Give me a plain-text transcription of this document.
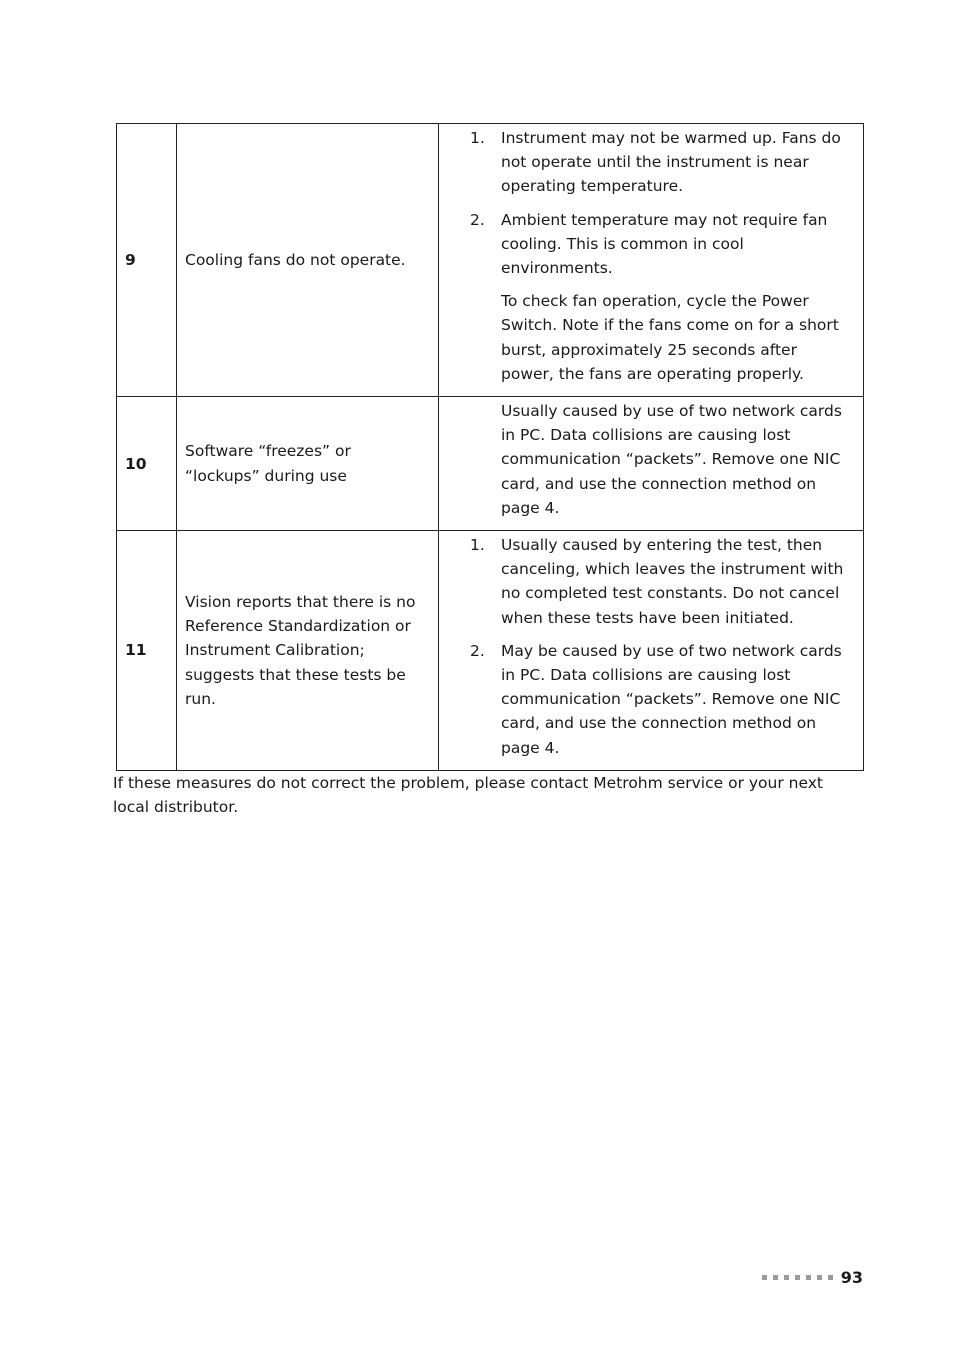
9	Cooling fans do not operate.	1. Instrument may not be warmed up. Fans do not operate until the instrument is near operating temperature.
2. Ambient temperature may not require fan cooling. This is common in cool environments.
To check fan operation, cycle the Power Switch. Note if the fans come on for a short burst, approximately 25 seconds after power, the fans are operating properly.

10	Software “freezes” or “lockups” during use	Usually caused by use of two network cards in PC. Data collisions are causing lost communication “packets”. Remove one NIC card, and use the connection method on page 4.

11	Vision reports that there is no Reference Standardization or Instrument Calibration; suggests that these tests be run.	1. Usually caused by entering the test, then canceling, which leaves the instrument with no completed test constants. Do not cancel when these tests have been initiated.
2. May be caused by use of two network cards in PC. Data collisions are causing lost communication “packets”. Remove one NIC card, and use the connection method on page 4.

If these measures do not correct the problem, please contact Metrohm service or your next local distributor.

93
